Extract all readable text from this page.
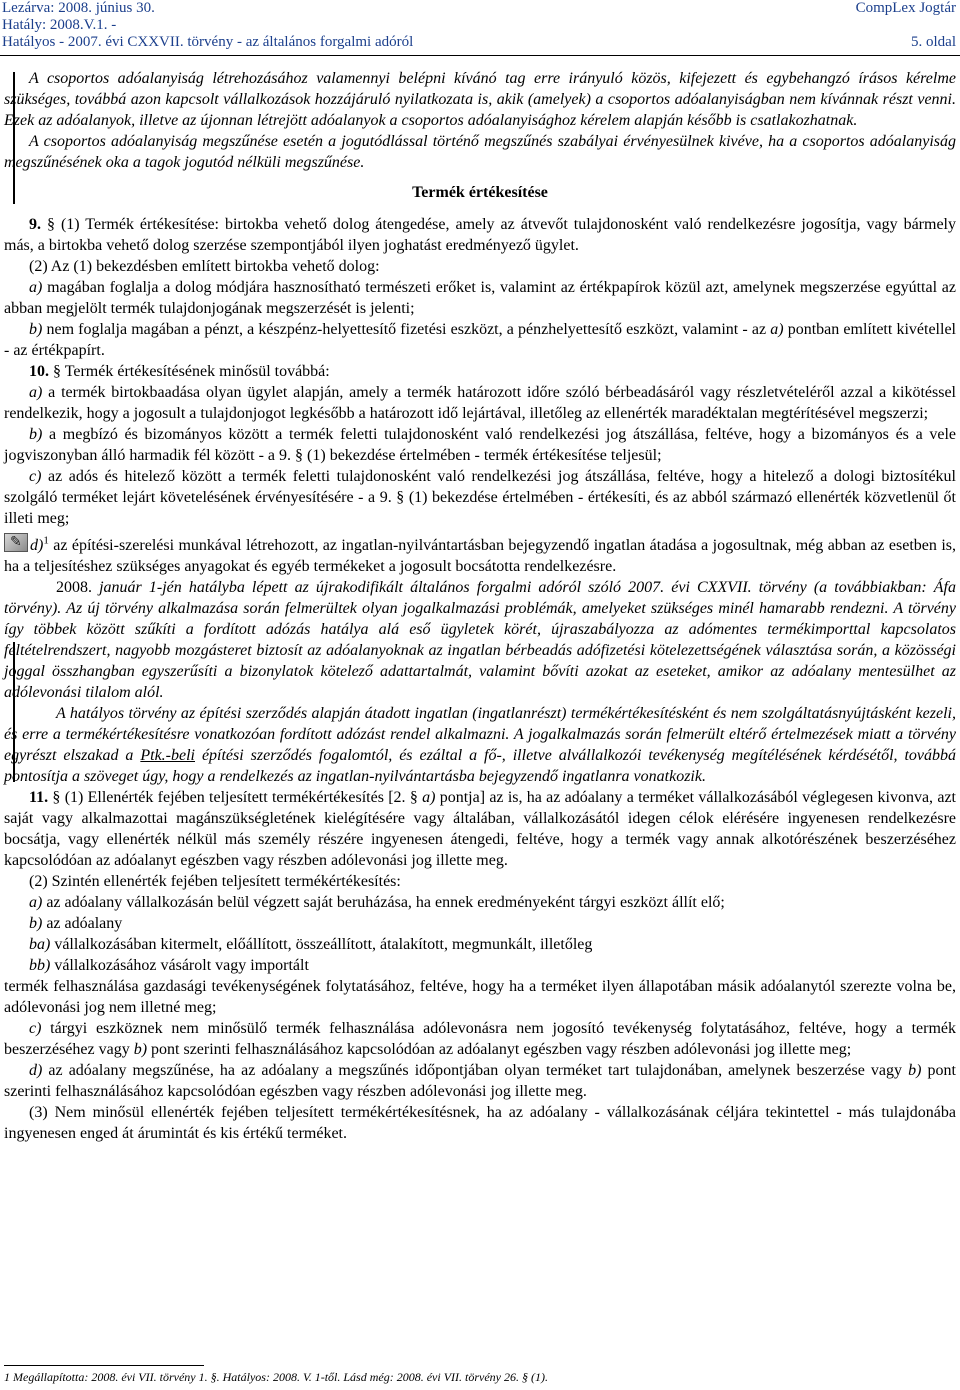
Lezárva: 2008. június 30.
Hatály: 2008.V.1. -
Hatályos - 2007. évi CXXVII. törvény - az általános forgalmi adóról
CompLex Jogtár
5. oldal

A csoportos adóalanyiság létrehozásához valamennyi belépni kívánó tag erre irányuló közös, kifejezett és egybehangzó írásos kérelme szükséges, továbbá azon kapcsolt vállalkozások hozzájáruló nyilatkozata is, akik (amelyek) a csoportos adóalanyiságban nem kívánnak részt venni. Ezek az adóalanyok, illetve az újonnan létrejött adóalanyok a csoportos adóalanyisághoz kérelem alapján később is csatlakozhatnak.

A csoportos adóalanyiság megszűnése esetén a jogutódlással történő megszűnés szabályai érvényesülnek kivéve, ha a csoportos adóalanyiság megszűnésének oka a tagok jogutód nélküli megszűnése.

Termék értékesítése

9. § (1) Termék értékesítése: birtokba vehető dolog átengedése, amely az átvevőt tulajdonosként való rendelkezésre jogosítja, vagy bármely más, a birtokba vehető dolog szerzése szempontjából ilyen joghatást eredményező ügylet.

(2) Az (1) bekezdésben említett birtokba vehető dolog:

a) magában foglalja a dolog módjára hasznosítható természeti erőket is, valamint az értékpapírok közül azt, amelynek megszerzése egyúttal az abban megjelölt termék tulajdonjogának megszerzését is jelenti;

b) nem foglalja magában a pénzt, a készpénz-helyettesítő fizetési eszközt, a pénzhelyettesítő eszközt, valamint - az a) pontban említett kivétellel - az értékpapírt.

10. § Termék értékesítésének minősül továbbá:

a) a termék birtokbaadása olyan ügylet alapján, amely a termék határozott időre szóló bérbeadásáról vagy részletvételéről azzal a kikötéssel rendelkezik, hogy a jogosult a tulajdonjogot legkésőbb a határozott idő lejártával, illetőleg az ellenérték maradéktalan megtérítésével megszerzi;

b) a megbízó és bizományos között a termék feletti tulajdonosként való rendelkezési jog átszállása, feltéve, hogy a bizományos és a vele jogviszonyban álló harmadik fél között - a 9. § (1) bekezdése értelmében - termék értékesítése teljesül;

c) az adós és hitelező között a termék feletti tulajdonosként való rendelkezési jog átszállása, feltéve, hogy a hitelező a dologi biztosítékul szolgáló terméket lejárt követelésének érvényesítésére - a 9. § (1) bekezdése értelmében - értékesíti, és az abból származó ellenérték közvetlenül őt illeti meg;

✎d)$^1$ az építési-szerelési munkával létrehozott, az ingatlan-nyilvántartásban bejegyzendő ingatlan átadása a jogosultnak, még abban az esetben is, ha a teljesítéshez szükséges anyagokat és egyéb termékeket a jogosult bocsátotta rendelkezésre.

2008. január 1-jén hatályba lépett az újrakodifikált általános forgalmi adóról szóló 2007. évi CXXVII. törvény (a továbbiakban: Áfa törvény). Az új törvény alkalmazása során felmerültek olyan jogalkalmazási problémák, amelyeket szükséges minél hamarabb rendezni. A törvény így többek között szűkíti a fordított adózás hatálya alá eső ügyletek körét, újraszabályozza az adómentes termékimporttal kapcsolatos feltételrendszert, nagyobb mozgásteret biztosít az adóalanyoknak az ingatlan bérbeadás adófizetési kötelezettségének választása során, a közösségi joggal összhangban egyszerűsíti a bizonylatok kötelező adattartalmát, valamint bővíti azokat az eseteket, amikor az adóalany mentesülhet az adólevonási tilalom alól.

A hatályos törvény az építési szerződés alapján átadott ingatlan (ingatlanrészt) termékértékesítésként és nem szolgáltatásnyújtásként kezeli, és erre a termékértékesítésre vonatkozóan fordított adózást rendel alkalmazni. A jogalkalmazás során felmerült eltérő értelmezések miatt a törvény egyrészt elszakad a Ptk.-beli építési szerződés fogalomtól, és ezáltal a fő-, illetve alvállalkozói tevékenység megítélésének kérdésétől, továbbá pontosítja a szöveget úgy, hogy a rendelkezés az ingatlan-nyilvántartásba bejegyzendő ingatlanra vonatkozik.

11. § (1) Ellenérték fejében teljesített termékértékesítés [2. § a) pontja] az is, ha az adóalany a terméket vállalkozásából véglegesen kivonva, azt saját vagy alkalmazottai magánszükségletének kielégítésére vagy általában, vállalkozásától idegen célok elérésére ingyenesen rendelkezésre bocsátja, vagy ellenérték nélkül más személy részére ingyenesen átengedi, feltéve, hogy a termék vagy annak alkotórészének beszerzéséhez kapcsolódóan az adóalanyt egészben vagy részben adólevonási jog illette meg.

(2) Szintén ellenérték fejében teljesített termékértékesítés:

a) az adóalany vállalkozásán belül végzett saját beruházása, ha ennek eredményeként tárgyi eszközt állít elő;

b) az adóalany

ba) vállalkozásában kitermelt, előállított, összeállított, átalakított, megmunkált, illetőleg

bb) vállalkozásához vásárolt vagy importált

termék felhasználása gazdasági tevékenységének folytatásához, feltéve, hogy ha a terméket ilyen állapotában másik adóalanytól szerezte volna be, adólevonási jog nem illetné meg;

c) tárgyi eszköznek nem minősülő termék felhasználása adólevonásra nem jogosító tevékenység folytatásához, feltéve, hogy a termék beszerzéséhez vagy b) pont szerinti felhasználásához kapcsolódóan az adóalanyt egészben vagy részben adólevonási jog illette meg;

d) az adóalany megszűnése, ha az adóalany a megszűnés időpontjában olyan terméket tart tulajdonában, amelynek beszerzése vagy b) pont szerinti felhasználásához kapcsolódóan egészben vagy részben adólevonási jog illette meg.

(3) Nem minősül ellenérték fejében teljesített termékértékesítésnek, ha az adóalany - vállalkozásának céljára tekintettel - más tulajdonába ingyenesen enged át árumintát és kis értékű terméket.

1 Megállapította: 2008. évi VII. törvény 1. §. Hatályos: 2008. V. 1-től. Lásd még: 2008. évi VII. törvény 26. § (1).
